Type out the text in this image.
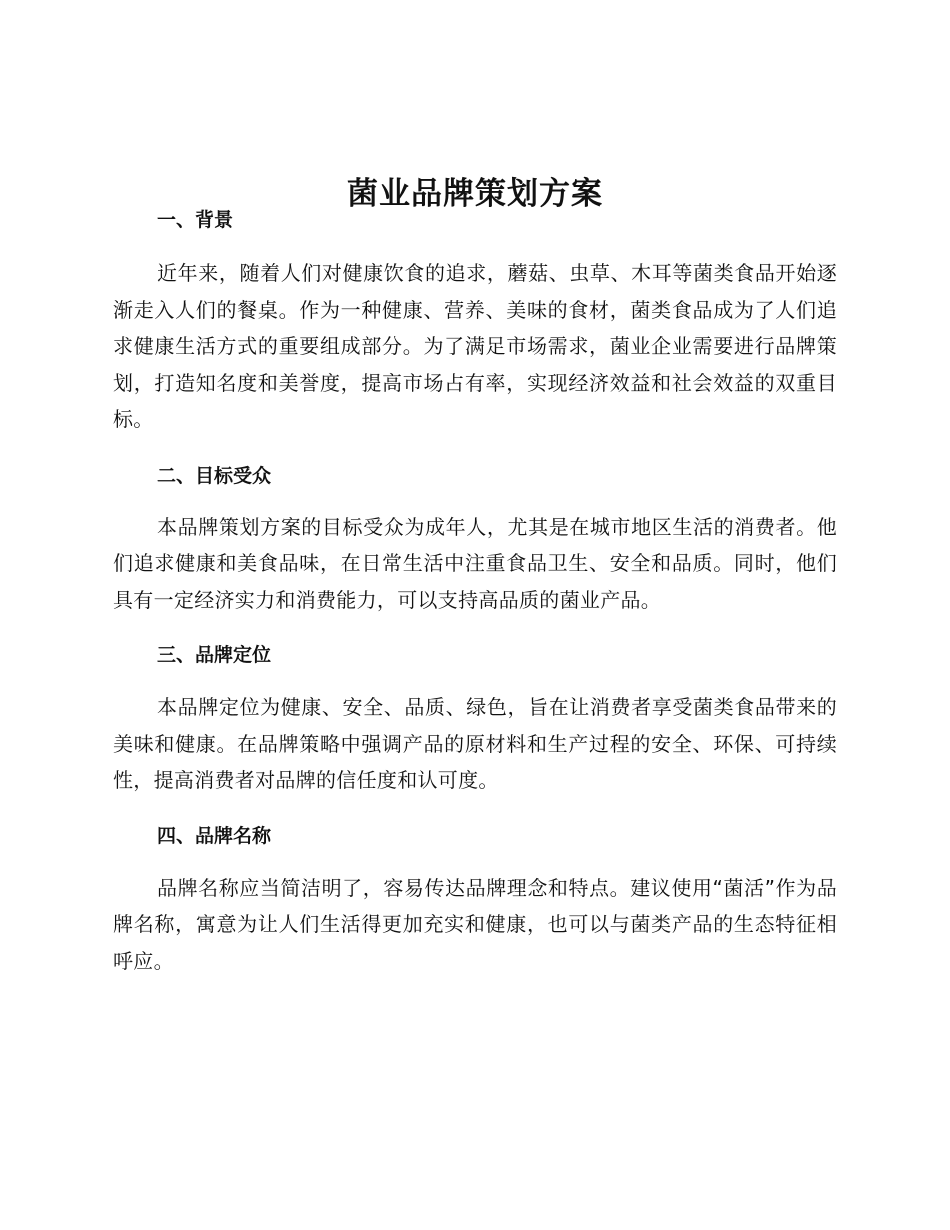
菌业品牌策划方案
一、背景

近年来，随着人们对健康饮食的追求，蘑菇、虫草、木耳等菌类食品开始逐渐走入人们的餐桌。作为一种健康、营养、美味的食材，菌类食品成为了人们追求健康生活方式的重要组成部分。为了满足市场需求，菌业企业需要进行品牌策划，打造知名度和美誉度，提高市场占有率，实现经济效益和社会效益的双重目标。

二、目标受众

本品牌策划方案的目标受众为成年人，尤其是在城市地区生活的消费者。他们追求健康和美食品味，在日常生活中注重食品卫生、安全和品质。同时，他们具有一定经济实力和消费能力，可以支持高品质的菌业产品。

三、品牌定位

本品牌定位为健康、安全、品质、绿色，旨在让消费者享受菌类食品带来的美味和健康。在品牌策略中强调产品的原材料和生产过程的安全、环保、可持续性，提高消费者对品牌的信任度和认可度。

四、品牌名称

品牌名称应当简洁明了，容易传达品牌理念和特点。建议使用“菌活”作为品牌名称，寓意为让人们生活得更加充实和健康，也可以与菌类产品的生态特征相呼应。
